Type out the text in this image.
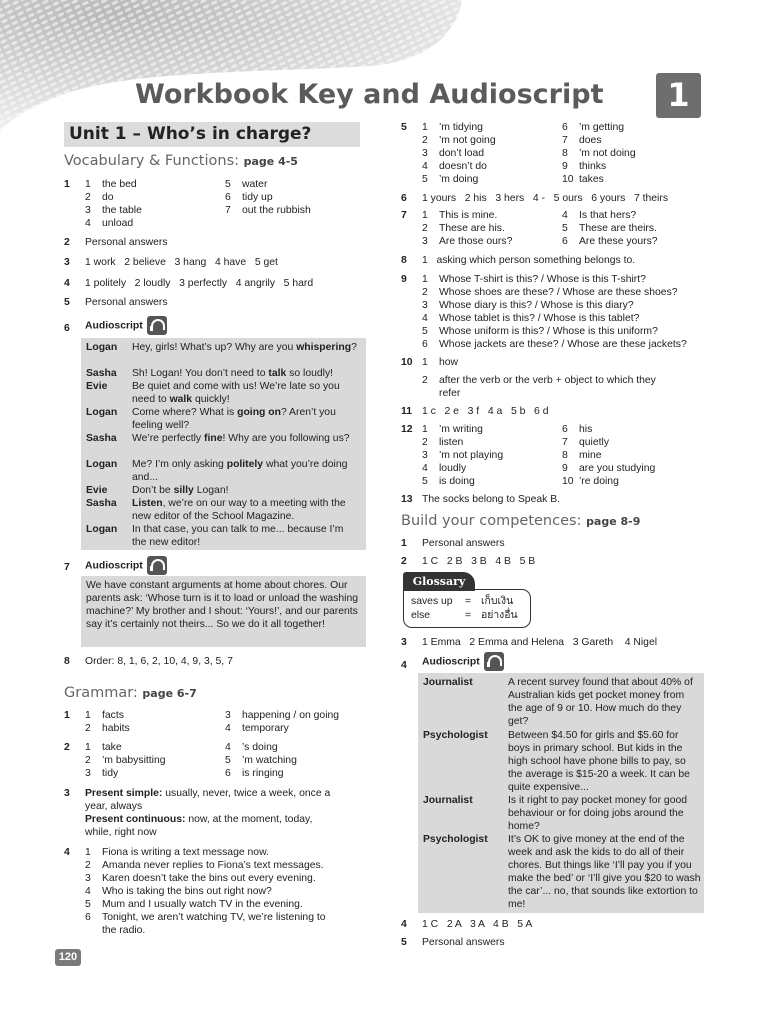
Workbook Key and Audioscript	1
120
Unit 1 – Who’s in charge?
Vocabulary & Functions: page 4-5
1 1 the bed
2 do
3 the table
4 unload
5 water
6 tidy up
7 out the rubbish
2 Personal answers
3 1 work   2 believe   3 hang   4 have   5 get
4 1 politely   2 loudly   3 perfectly   4 angrily   5 hard
5 Personal answers
6 Audioscript
Logan Hey, girls! What’s up? Why are you whispering?
Sasha Sh! Logan! You don’t need to talk so loudly!
Evie Be quiet and come with us! We’re late so you need to walk quickly!
Logan Come where? What is going on? Aren’t you feeling well?
Sasha We’re perfectly fine! Why are you following us?
Logan Me? I’m only asking politely what you’re doing and...
Evie Don’t be silly Logan!
Sasha Listen, we’re on our way to a meeting with the new editor of the School Magazine.
Logan In that case, you can talk to me... because I’m the new editor!
7 Audioscript
We have constant arguments at home about chores. Our parents ask: ‘Whose turn is it to load or unload the washing machine?’ My brother and I shout: ‘Yours!’, and our parents say it’s certainly not theirs... So we do it all together!
8 Order: 8, 1, 6, 2, 10, 4, 9, 3, 5, 7
Grammar: page 6-7
1 1 facts
2 habits
3 happening / on going
4 temporary
2 1 take
2 ’m babysitting
3 tidy
4 ’s doing
5 ’m watching
6 is ringing
3 Present simple: usually, never, twice a week, once a year, always
Present continuous: now, at the moment, today, while, right now
4 1 Fiona is writing a text message now.
2 Amanda never replies to Fiona’s text messages.
3 Karen doesn’t take the bins out every evening.
4 Who is taking the bins out right now?
5 Mum and I usually watch TV in the evening.
6 Tonight, we aren’t watching TV, we’re listening to
the radio.
5 1 ’m tidying
2 ’m not going
3 don’t load
4 doesn’t do
5 ’m doing
6 ’m getting
7 does
8 ’m not doing
9 thinks
10 takes
6 1 yours   2 his   3 hers   4 -   5 ours   6 yours   7 theirs
7 1 This is mine.
2 These are his.
3 Are those ours?
4 Is that hers?
5 These are theirs.
6 Are these yours?
8 1   asking which person something belongs to.
9 1 Whose T-shirt is this? / Whose is this T-shirt?
2 Whose shoes are these? / Whose are these shoes?
3 Whose diary is this? / Whose is this diary?
4 Whose tablet is this? / Whose is this tablet?
5 Whose uniform is this? / Whose is this uniform?
6 Whose jackets are these? / Whose are these jackets?
10 1 how
2 after the verb or the verb + object to which they
refer
11 1 c   2 e   3 f   4 a   5 b   6 d
12 1 ’m writing
2 listen
3 ’m not playing
4 loudly
5 is doing
6 his
7 quietly
8 mine
9 are you studying
10 ’re doing
13 The socks belong to Speak B.
Build your competences: page 8-9
1 Personal answers
2 1 C   2 B   3 B   4 B   5 B
Glossary
saves up = เก็บเงิน
else	= อย่างอื่น
3 1 Emma   2 Emma and Helena   3 Gareth    4 Nigel
4 Audioscript
Journalist	A recent survey found that about 40% of Australian kids get pocket money from the age of 9 or 10. How much do they get?
Psychologist Between $4.50 for girls and $5.60 for boys in primary school. But kids in the high school have phone bills to pay, so the average is $15-20 a week. It can be quite expensive...
Journalist	Is it right to pay pocket money for good behaviour or for doing jobs around the home?
Psychologist It’s OK to give money at the end of the week and ask the kids to do all of their chores. But things like ‘I’ll pay you if you make the bed’ or ‘I’ll give you $20 to wash the car’... no, that sounds like extortion to me!
4 1 C   2 A   3 A   4 B   5 A
5 Personal answers
